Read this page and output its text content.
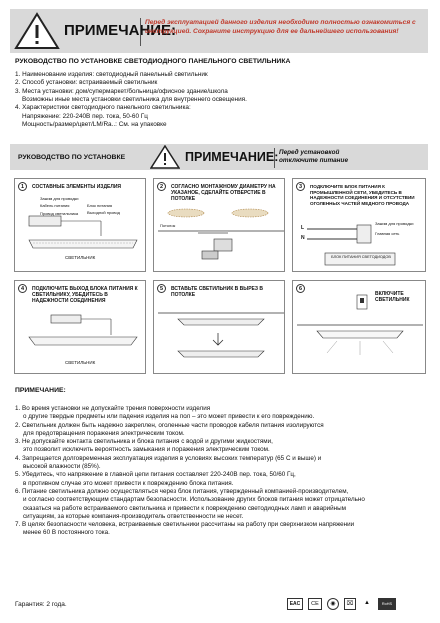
ПРИМЕЧАНИЕ:
Перед эксплуатацией данного изделия необходимо полностью ознакомиться с инструкцией. Сохраните инструкцию для ее дальнейшего использования!
РУКОВОДСТВО ПО УСТАНОВКЕ СВЕТОДИОДНОГО ПАНЕЛЬНОГО СВЕТИЛЬНИКА
1. Наименование изделия: светодиодный панельный светильник
2. Способ установки: встраиваемый светильник
3. Места установки: дом/супермаркет/больница/офисное здание/школа
Возможны иные места установки светильника для внутреннего освещения.
4. Характеристики светодиодного панельного светильника:
Напряжение: 220-240В пер. тока, 50-60 Гц
Мощность/размер/цвет/LM/Ra..: См. на упаковке
РУКОВОДСТВО ПО УСТАНОВКЕ	ПРИМЕЧАНИЕ: Перед установкой
отключите питание
1	СОСТАВНЫЕ ЭЛЕМЕНТЫ ИЗДЕЛИЯ
Зажим для проводки
Кабель питания
Провод светильника
Блок питания
Выходной провод
СВЕТИЛЬНИК
2	СОГЛАСНО МОНТАЖНОМУ ДИАМЕТРУ НА УКАЗАНОЕ, СДЕЛАЙТЕ ОТВЕРСТИЕ В ПОТОЛКЕ
Потолок
3	ПОДКЛЮЧИТЕ БЛОК ПИТАНИЯ К ПРОМЫШЛЕННОЙ СЕТИ, УБЕДИТЕСЬ В НАДЕЖНОСТИ СОЕДИНЕНИЯ И ОТСУТСТВИИ ОГОЛЕННЫХ ЧАСТЕЙ МЕДНОГО ПРОВОДА
L
N
Зажим для проводки
Главная сеть
БЛОК ПИТАНИЯ СВЕТОДИОДОВ
4	ПОДКЛЮЧИТЕ ВЫХОД БЛОКА ПИТАНИЯ К СВЕТИЛЬНИКУ, УБЕДИТЕСЬ В НАДЕЖНОСТИ СОЕДИНЕНИЯ
СВЕТИЛЬНИК
5	ВСТАВЬТЕ СВЕТИЛЬНИК В ВЫРЕЗ В ПОТОЛКЕ
6
ВКЛЮЧИТЕ СВЕТИЛЬНИК
ПРИМЕЧАНИЕ:
1. Во время установки не допускайте трения поверхности изделия
о другие твердые предметы или падения изделия на пол – это может привести к его повреждению.
2. Светильник должен быть надежно закреплен, оголенные части проводов кабеля питания изолируются
для предотвращения поражения электрическим током.
3. Не допускайте контакта светильника и блока питания с водой и другими жидкостями,
это позволит исключить вероятность замыкания и поражения электрическим током.
4. Запрещается долговременная эксплуатация изделия в условиях высоких температур (65 С и выше) и
высокой влажности (85%).
5. Убедитесь, что напряжение в главной цепи питания составляет 220-240В пер. тока, 50/60 Гц,
в противном случае это может привести к повреждению блока питания.
6. Питание светильника должно осуществляться через блок питания, утвержденный компанией-производителем,
и согласно соответствующим стандартам безопасности. Использование других блоков питания может отрицательно
сказаться на работе встраиваемого светильника и привести к повреждению светодиодных ламп и аварийным
ситуациям, за которые компания-производитель ответственности не несет.
7. В целях безопасности человека, встраиваемые светильники рассчитаны на работу при сверхнизком напряжении
менее 60 В постоянного тока.
Гарантия: 2 года.	EAC	CE	◉	⌧	▲	RoHS
